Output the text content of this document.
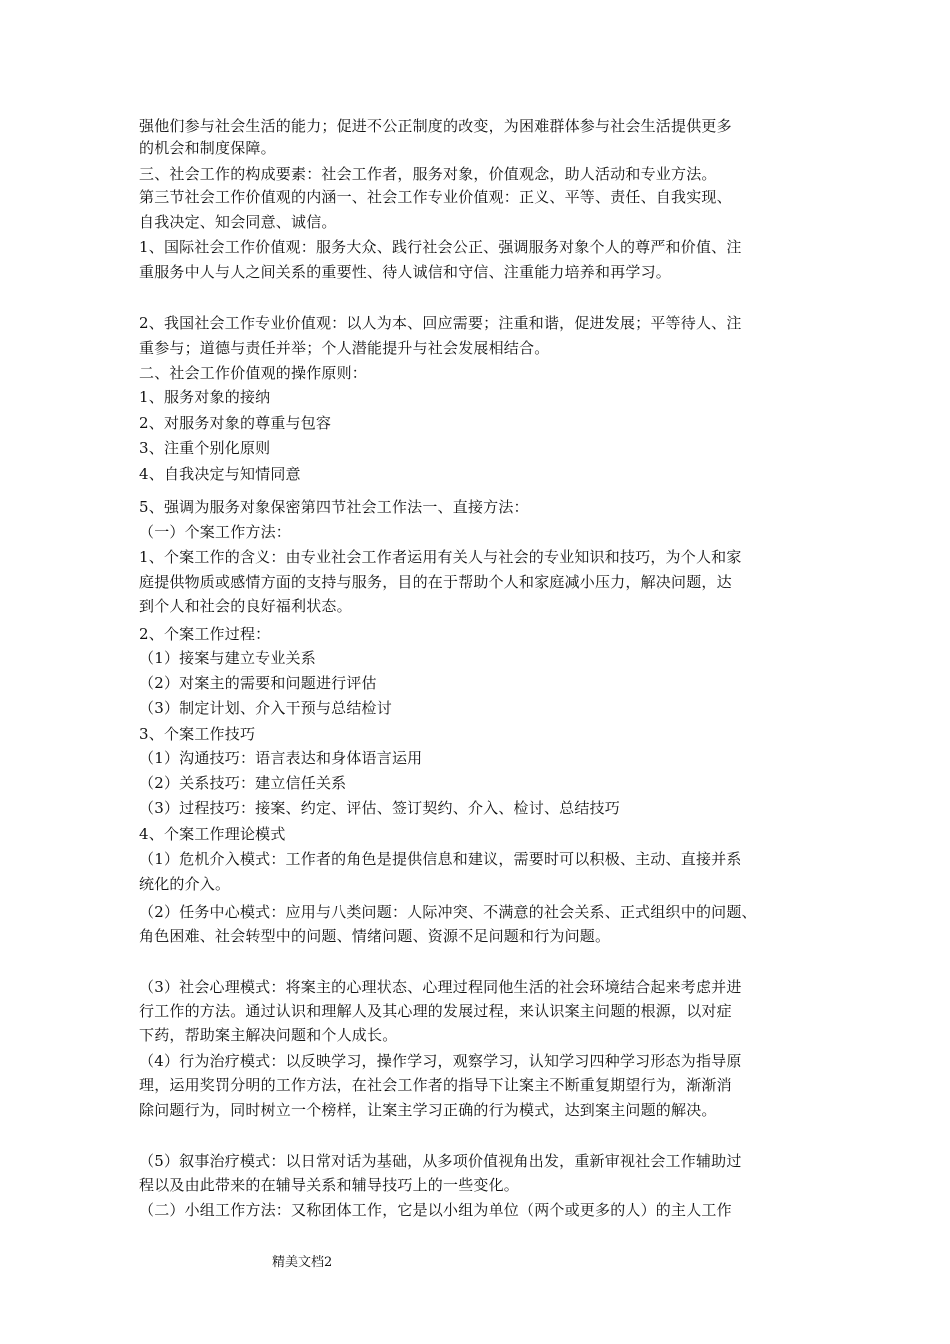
强他们参与社会生活的能力；促进不公正制度的改变，为困难群体参与社会生活提供更多
的机会和制度保障。
三、社会工作的构成要素：社会工作者，服务对象，价值观念，助人活动和专业方法。
第三节社会工作价值观的内涵一、社会工作专业价值观：正义、平等、责任、自我实现、
自我决定、知会同意、诚信。
1、国际社会工作价值观：服务大众、践行社会公正、强调服务对象个人的尊严和价值、注
重服务中人与人之间关系的重要性、待人诚信和守信、注重能力培养和再学习。
2、我国社会工作专业价值观：以人为本、回应需要；注重和谐，促进发展；平等待人、注
重参与；道德与责任并举；个人潜能提升与社会发展相结合。
二、社会工作价值观的操作原则：
1、服务对象的接纳
2、对服务对象的尊重与包容
3、注重个别化原则
4、自我决定与知情同意
5、强调为服务对象保密第四节社会工作法一、直接方法：
（一）个案工作方法：
1、个案工作的含义：由专业社会工作者运用有关人与社会的专业知识和技巧，为个人和家
庭提供物质或感情方面的支持与服务，目的在于帮助个人和家庭减小压力，解决问题，达
到个人和社会的良好福利状态。
2、个案工作过程：
（1）接案与建立专业关系
（2）对案主的需要和问题进行评估
（3）制定计划、介入干预与总结检讨
3、个案工作技巧
（1）沟通技巧：语言表达和身体语言运用
（2）关系技巧：建立信任关系
（3）过程技巧：接案、约定、评估、签订契约、介入、检讨、总结技巧
4、个案工作理论模式
（1）危机介入模式：工作者的角色是提供信息和建议，需要时可以积极、主动、直接并系
统化的介入。
（2）任务中心模式：应用与八类问题：人际冲突、不满意的社会关系、正式组织中的问题、
角色困难、社会转型中的问题、情绪问题、资源不足问题和行为问题。
（3）社会心理模式：将案主的心理状态、心理过程同他生活的社会环境结合起来考虑并进
行工作的方法。通过认识和理解人及其心理的发展过程，来认识案主问题的根源，以对症
下药，帮助案主解决问题和个人成长。
（4）行为治疗模式：以反映学习，操作学习，观察学习，认知学习四种学习形态为指导原
理，运用奖罚分明的工作方法，在社会工作者的指导下让案主不断重复期望行为，渐渐消
除问题行为，同时树立一个榜样，让案主学习正确的行为模式，达到案主问题的解决。
（5）叙事治疗模式：以日常对话为基础，从多项价值视角出发，重新审视社会工作辅助过
程以及由此带来的在辅导关系和辅导技巧上的一些变化。
（二）小组工作方法：又称团体工作，它是以小组为单位（两个或更多的人）的主人工作
精美文档2
